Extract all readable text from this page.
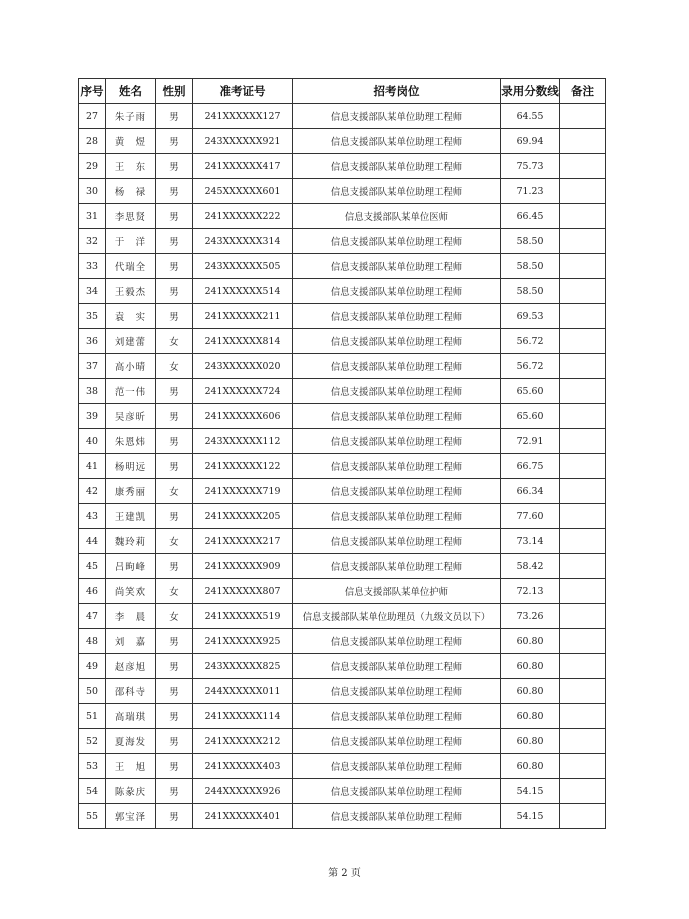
序号	姓名	性别	准考证号	招考岗位	录用分数线	备注
27	朱子雨	男	241XXXXXX127	信息支援部队某单位助理工程师	64.55	
28	黄　煜	男	243XXXXXX921	信息支援部队某单位助理工程师	69.94	
29	王　东	男	241XXXXXX417	信息支援部队某单位助理工程师	75.73	
30	杨　禄	男	245XXXXXX601	信息支援部队某单位助理工程师	71.23	
31	李思贤	男	241XXXXXX222	信息支援部队某单位医师	66.45	
32	于　洋	男	243XXXXXX314	信息支援部队某单位助理工程师	58.50	
33	代瑞全	男	243XXXXXX505	信息支援部队某单位助理工程师	58.50	
34	王毅杰	男	241XXXXXX514	信息支援部队某单位助理工程师	58.50	
35	袁　实	男	241XXXXXX211	信息支援部队某单位助理工程师	69.53	
36	刘建蕾	女	241XXXXXX814	信息支援部队某单位助理工程师	56.72	
37	高小晴	女	243XXXXXX020	信息支援部队某单位助理工程师	56.72	
38	范一伟	男	241XXXXXX724	信息支援部队某单位助理工程师	65.60	
39	吴彦昕	男	241XXXXXX606	信息支援部队某单位助理工程师	65.60	
40	朱恩炜	男	243XXXXXX112	信息支援部队某单位助理工程师	72.91	
41	杨明远	男	241XXXXXX122	信息支援部队某单位助理工程师	66.75	
42	康秀丽	女	241XXXXXX719	信息支援部队某单位助理工程师	66.34	
43	王建凯	男	241XXXXXX205	信息支援部队某单位助理工程师	77.60	
44	魏玲莉	女	241XXXXXX217	信息支援部队某单位助理工程师	73.14	
45	吕昫峰	男	241XXXXXX909	信息支援部队某单位助理工程师	58.42	
46	尚笑欢	女	241XXXXXX807	信息支援部队某单位护师	72.13	
47	李　晨	女	241XXXXXX519	信息支援部队某单位助理员（九级文员以下）	73.26	
48	刘　嘉	男	241XXXXXX925	信息支援部队某单位助理工程师	60.80	
49	赵彦旭	男	243XXXXXX825	信息支援部队某单位助理工程师	60.80	
50	邵科寺	男	244XXXXXX011	信息支援部队某单位助理工程师	60.80	
51	高瑞琪	男	241XXXXXX114	信息支援部队某单位助理工程师	60.80	
52	夏海发	男	241XXXXXX212	信息支援部队某单位助理工程师	60.80	
53	王　旭	男	241XXXXXX403	信息支援部队某单位助理工程师	60.80	
54	陈彖庆	男	244XXXXXX926	信息支援部队某单位助理工程师	54.15	
55	郭宝泽	男	241XXXXXX401	信息支援部队某单位助理工程师	54.15	
第 2 页
